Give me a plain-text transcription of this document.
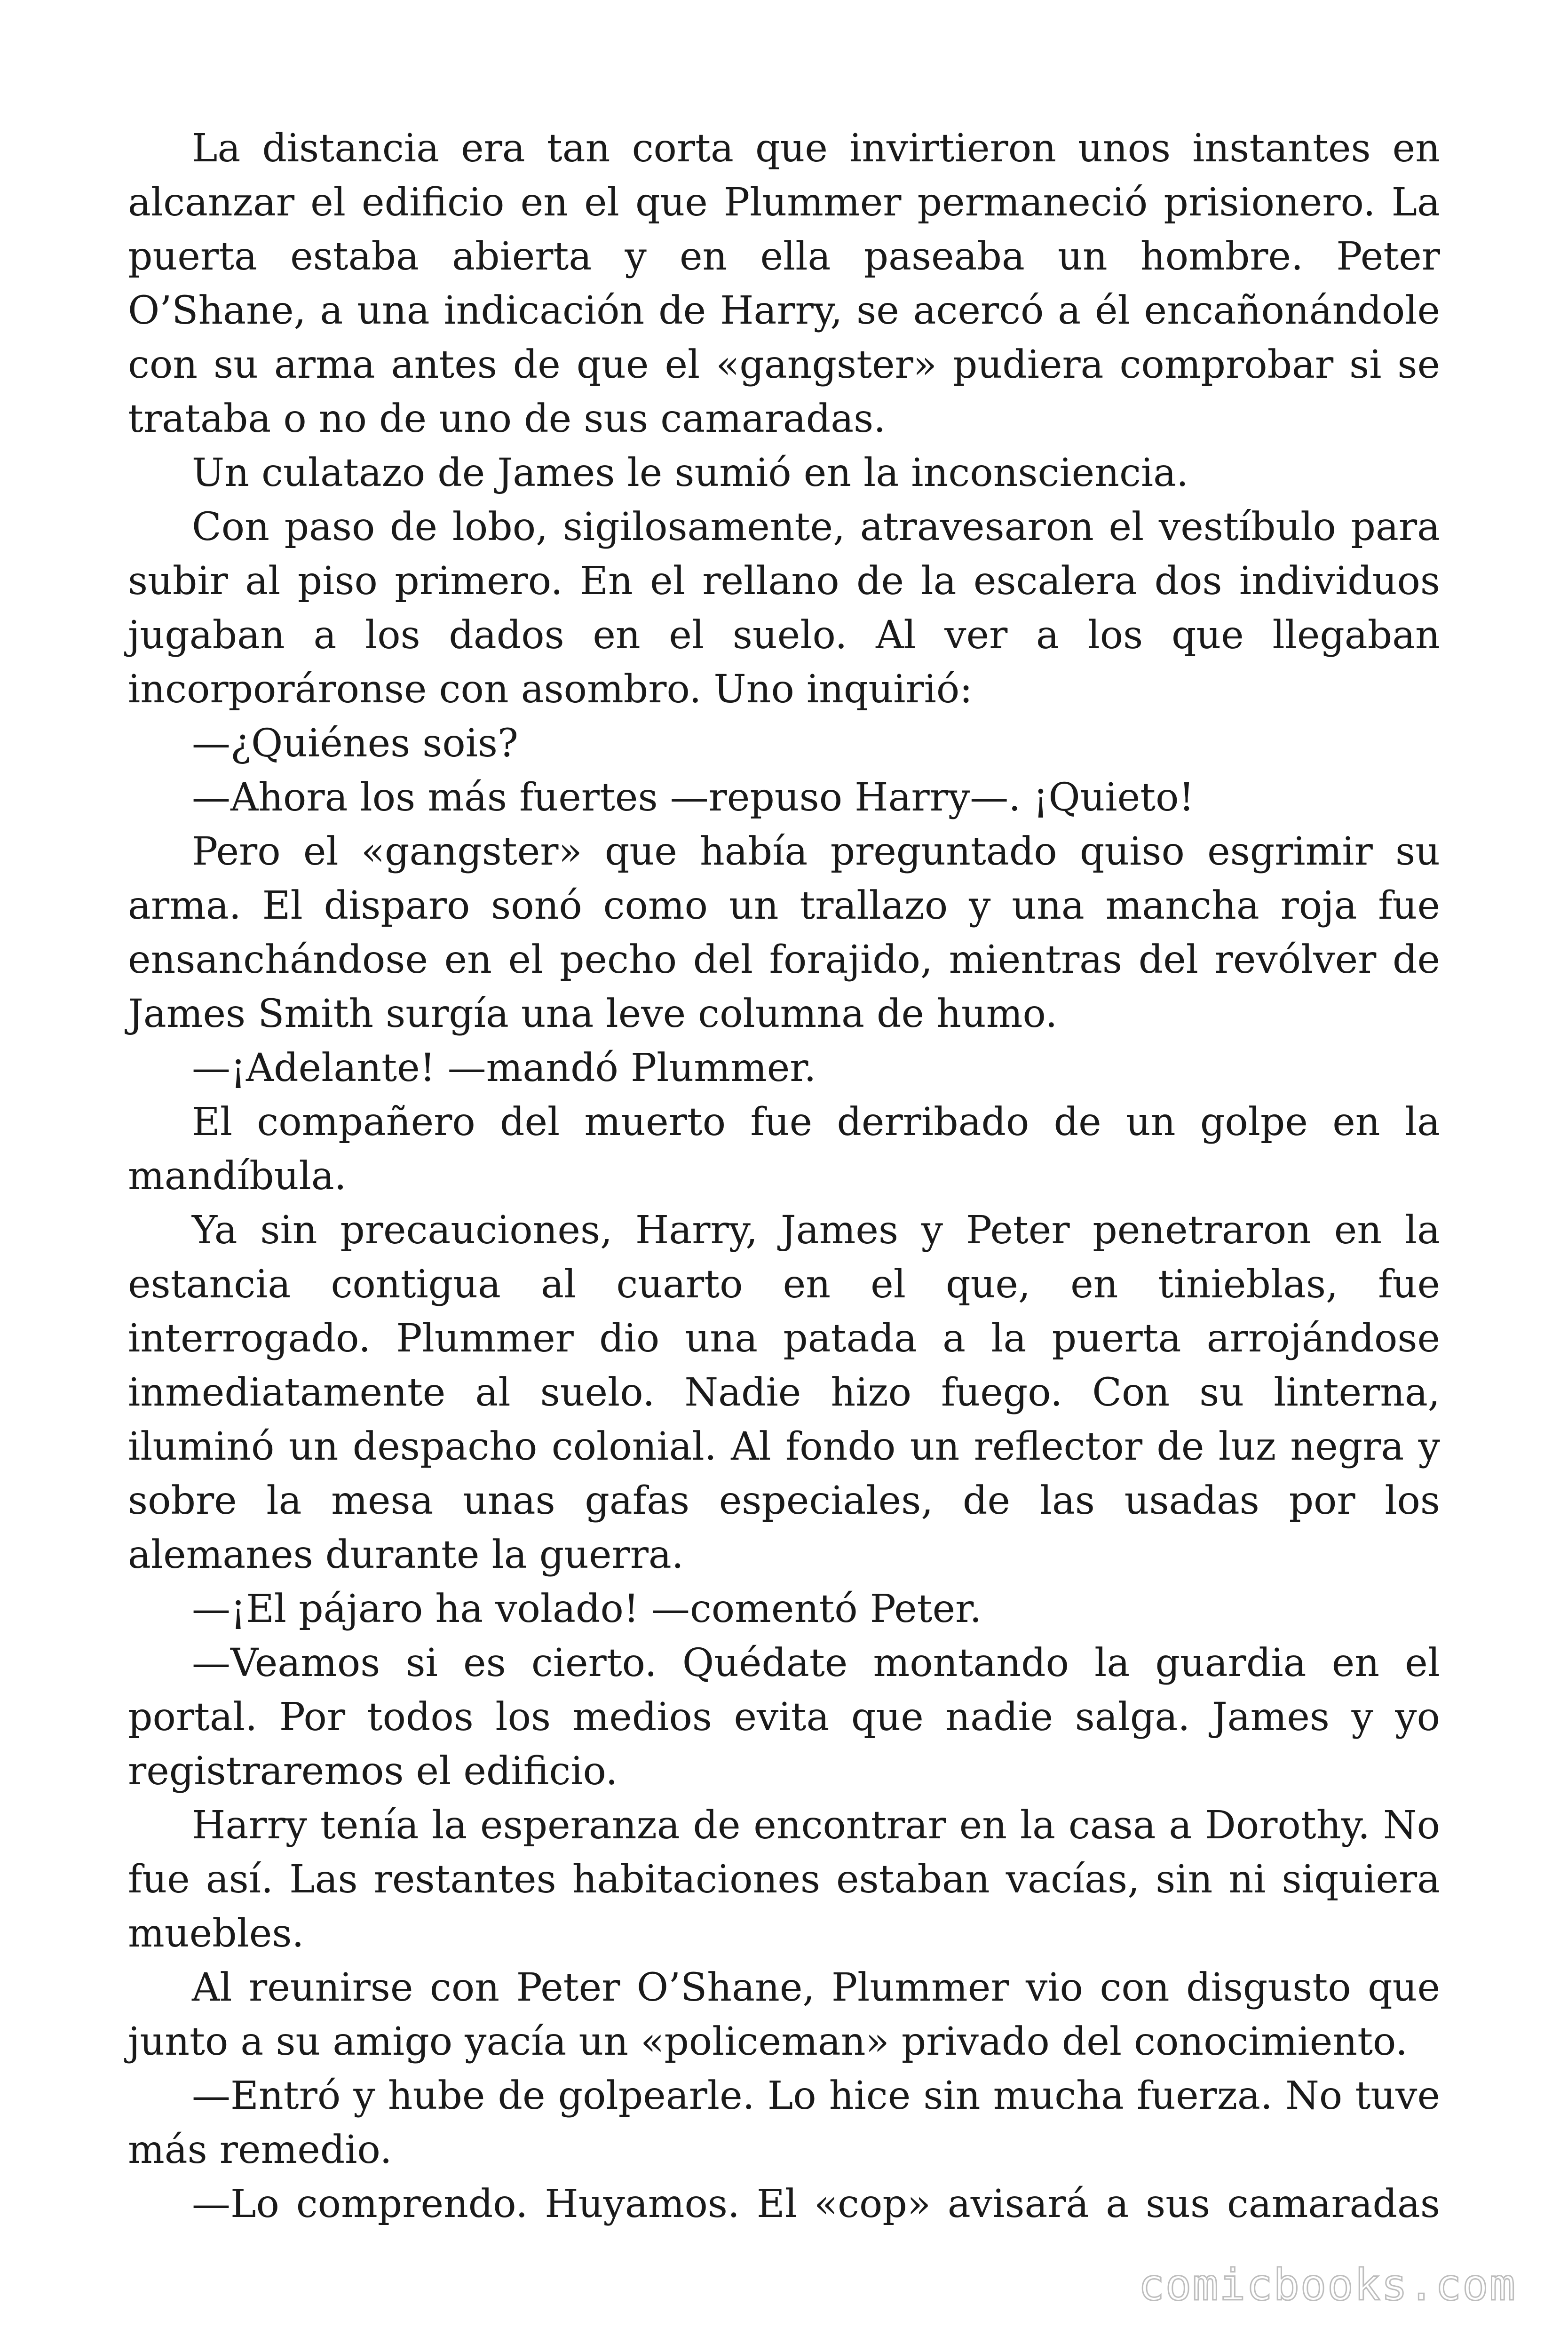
La distancia era tan corta que invirtieron unos instantes en alcanzar el edificio en el que Plummer permaneció prisionero. La puerta estaba abierta y en ella paseaba un hombre. Peter O’Shane, a una indicación de Harry, se acercó a él encañonándole con su arma antes de que el «gangster» pudiera comprobar si se trataba o no de uno de sus camaradas.

Un culatazo de James le sumió en la inconsciencia.

Con paso de lobo, sigilosamente, atravesaron el vestíbulo para subir al piso primero. En el rellano de la escalera dos individuos jugaban a los dados en el suelo. Al ver a los que llegaban incorporáronse con asombro. Uno inquirió:

—¿Quiénes sois?

—Ahora los más fuertes —repuso Harry—. ¡Quieto!

Pero el «gangster» que había preguntado quiso esgrimir su arma. El disparo sonó como un trallazo y una mancha roja fue ensanchándose en el pecho del forajido, mientras del revólver de James Smith surgía una leve columna de humo.

—¡Adelante! —mandó Plummer.

El compañero del muerto fue derribado de un golpe en la mandíbula.

Ya sin precauciones, Harry, James y Peter penetraron en la estancia contigua al cuarto en el que, en tinieblas, fue interrogado. Plummer dio una patada a la puerta arrojándose inmediatamente al suelo. Nadie hizo fuego. Con su linterna, iluminó un despacho colonial. Al fondo un reflector de luz negra y sobre la mesa unas gafas especiales, de las usadas por los alemanes durante la guerra.

—¡El pájaro ha volado! —comentó Peter.

—Veamos si es cierto. Quédate montando la guardia en el portal. Por todos los medios evita que nadie salga. James y yo registraremos el edificio.

Harry tenía la esperanza de encontrar en la casa a Dorothy. No fue así. Las restantes habitaciones estaban vacías, sin ni siquiera muebles.

Al reunirse con Peter O’Shane, Plummer vio con disgusto que junto a su amigo yacía un «policeman» privado del conocimiento.

—Entró y hube de golpearle. Lo hice sin mucha fuerza. No tuve más remedio.

—Lo comprendo. Huyamos. El «cop» avisará a sus camaradas

comicbooks.com
